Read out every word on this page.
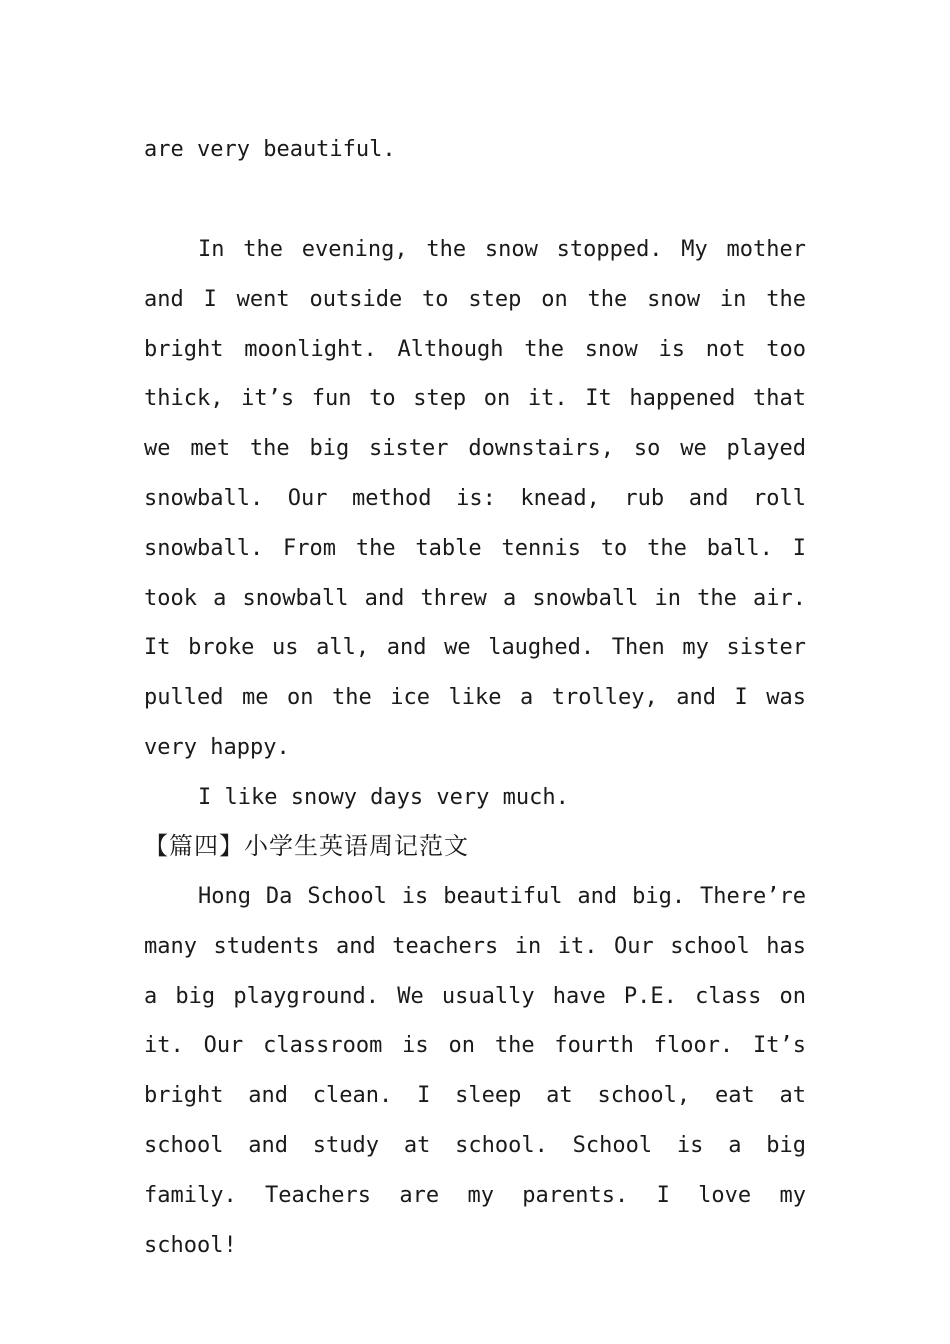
are very beautiful.
In the evening, the snow stopped. My mother and I went outside to step on the snow in the bright moonlight. Although the snow is not too thick, it’s fun to step on it. It happened that we met the big sister downstairs, so we played snowball. Our method is: knead, rub and roll snowball. From the table tennis to the ball. I took a snowball and threw a snowball in the air. It broke us all, and we laughed. Then my sister pulled me on the ice like a trolley, and I was very happy.
I like snowy days very much.
【篇四】小学生英语周记范文
Hong Da School is beautiful and big. There’re many students and teachers in it. Our school has a big playground. We usually have P.E. class on it. Our classroom is on the fourth floor. It’s bright and clean. I sleep at school, eat at school and study at school. School is a big family. Teachers are my parents. I love my school!
